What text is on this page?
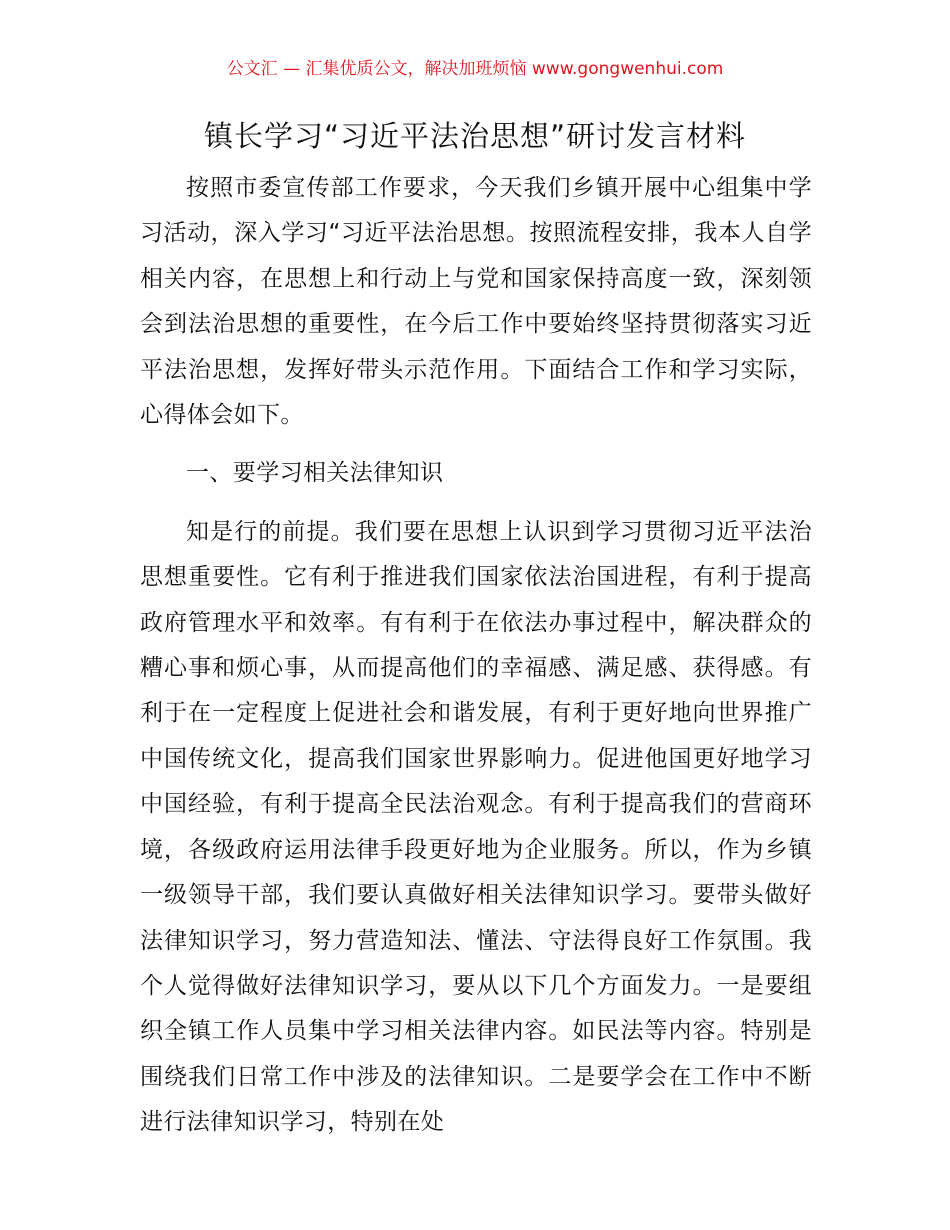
公文汇 — 汇集优质公文，解决加班烦恼 www.gongwenhui.com
镇长学习“习近平法治思想”研讨发言材料

按照市委宣传部工作要求，今天我们乡镇开展中心组集中学习活动，深入学习“习近平法治思想。按照流程安排，我本人自学相关内容，在思想上和行动上与党和国家保持高度一致，深刻领会到法治思想的重要性，在今后工作中要始终坚持贯彻落实习近平法治思想，发挥好带头示范作用。下面结合工作和学习实际，心得体会如下。

一、要学习相关法律知识

知是行的前提。我们要在思想上认识到学习贯彻习近平法治思想重要性。它有利于推进我们国家依法治国进程，有利于提高政府管理水平和效率。有有利于在依法办事过程中，解决群众的糟心事和烦心事，从而提高他们的幸福感、满足感、获得感。有利于在一定程度上促进社会和谐发展，有利于更好地向世界推广中国传统文化，提高我们国家世界影响力。促进他国更好地学习中国经验，有利于提高全民法治观念。有利于提高我们的营商环境，各级政府运用法律手段更好地为企业服务。所以，作为乡镇一级领导干部，我们要认真做好相关法律知识学习。要带头做好法律知识学习，努力营造知法、懂法、守法得良好工作氛围。我个人觉得做好法律知识学习，要从以下几个方面发力。一是要组织全镇工作人员集中学习相关法律内容。如民法等内容。特别是围绕我们日常工作中涉及的法律知识。二是要学会在工作中不断进行法律知识学习，特别在处
